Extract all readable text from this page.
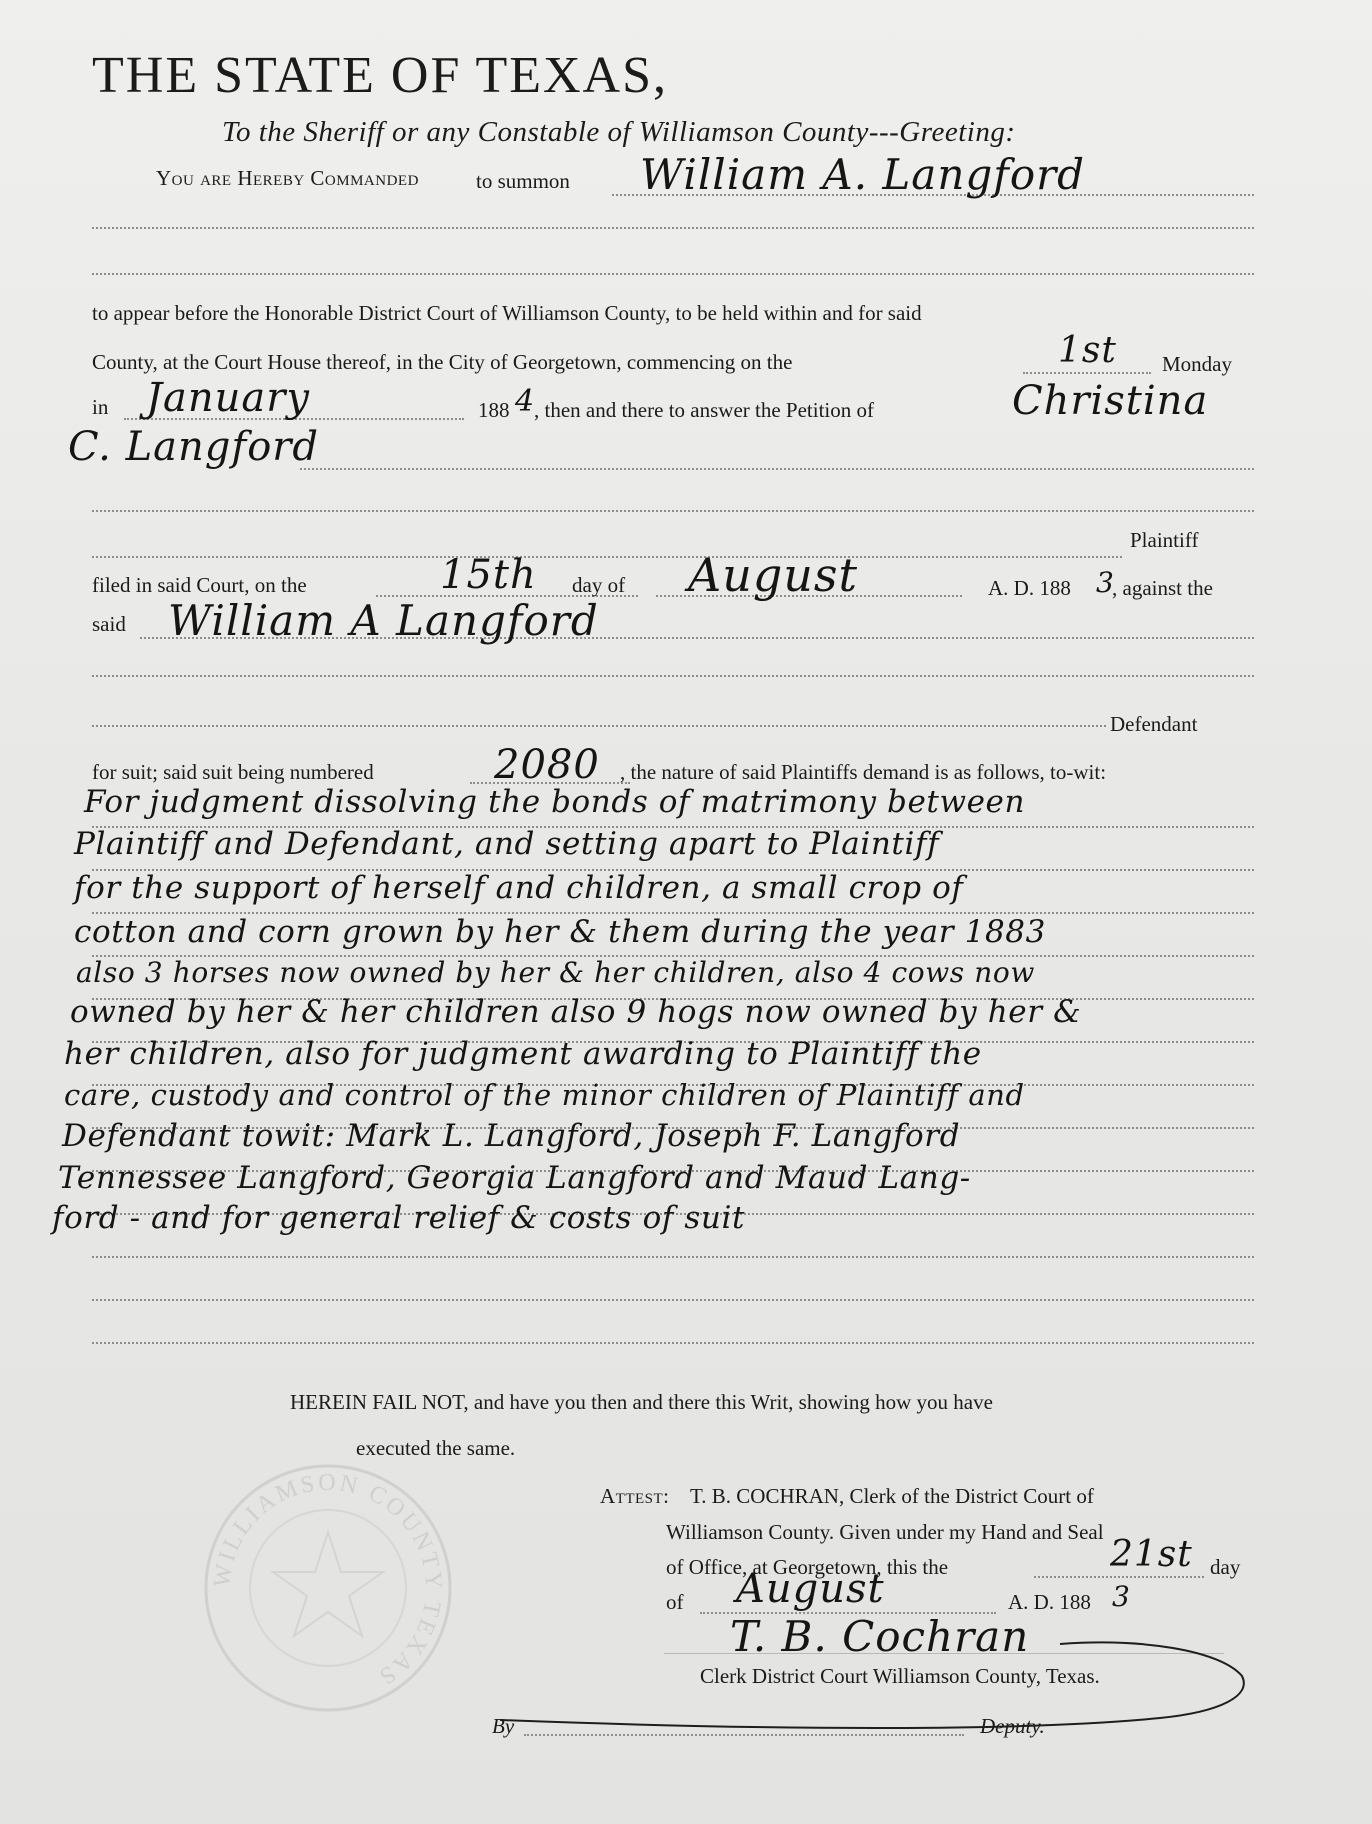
THE STATE OF TEXAS,
To the Sheriff or any Constable of Williamson County---Greeting:
You are Hereby Commanded	to summon William A. Langford
to appear before the Honorable District Court of Williamson County, to be held within and for said
County, at the Court House thereof, in the City of Georgetown, commencing on the	1st Monday
in January	188 4
, then and there to answer the Petition of	Christina
C. Langford
Plaintiff
filed in said Court, on the	15th day of August	A. D. 188 3
, against the
said William A Langford
Defendant
for suit; said suit being numbered	2080 , the nature of said Plaintiffs demand is as follows, to-wit:
For judgment dissolving the bonds of matrimony between
Plaintiff and Defendant, and setting apart to Plaintiff
for the support of herself and children, a small crop of
cotton and corn grown by her & them during the year 1883
also 3 horses now owned by her & her children, also 4 cows now
owned by her & her children also 9 hogs now owned by her &
her children, also for judgment awarding to Plaintiff the
care, custody and control of the minor children of Plaintiff and
Defendant towit: Mark L. Langford, Joseph F. Langford
Tennessee Langford, Georgia Langford and Maud Lang-
ford - and for general relief & costs of suit
HEREIN FAIL NOT, and have you then and there this Writ, showing how you have
executed the same.
WILLIAMSON COUNTY TEXAS
Attest: T. B. COCHRAN, Clerk of the District Court of
Williamson County. Given under my Hand and Seal
of Office, at Georgetown, this the	21st day
of August	A. D. 188 3
T. B. Cochran
Clerk District Court Williamson County, Texas.
By	Deputy.
